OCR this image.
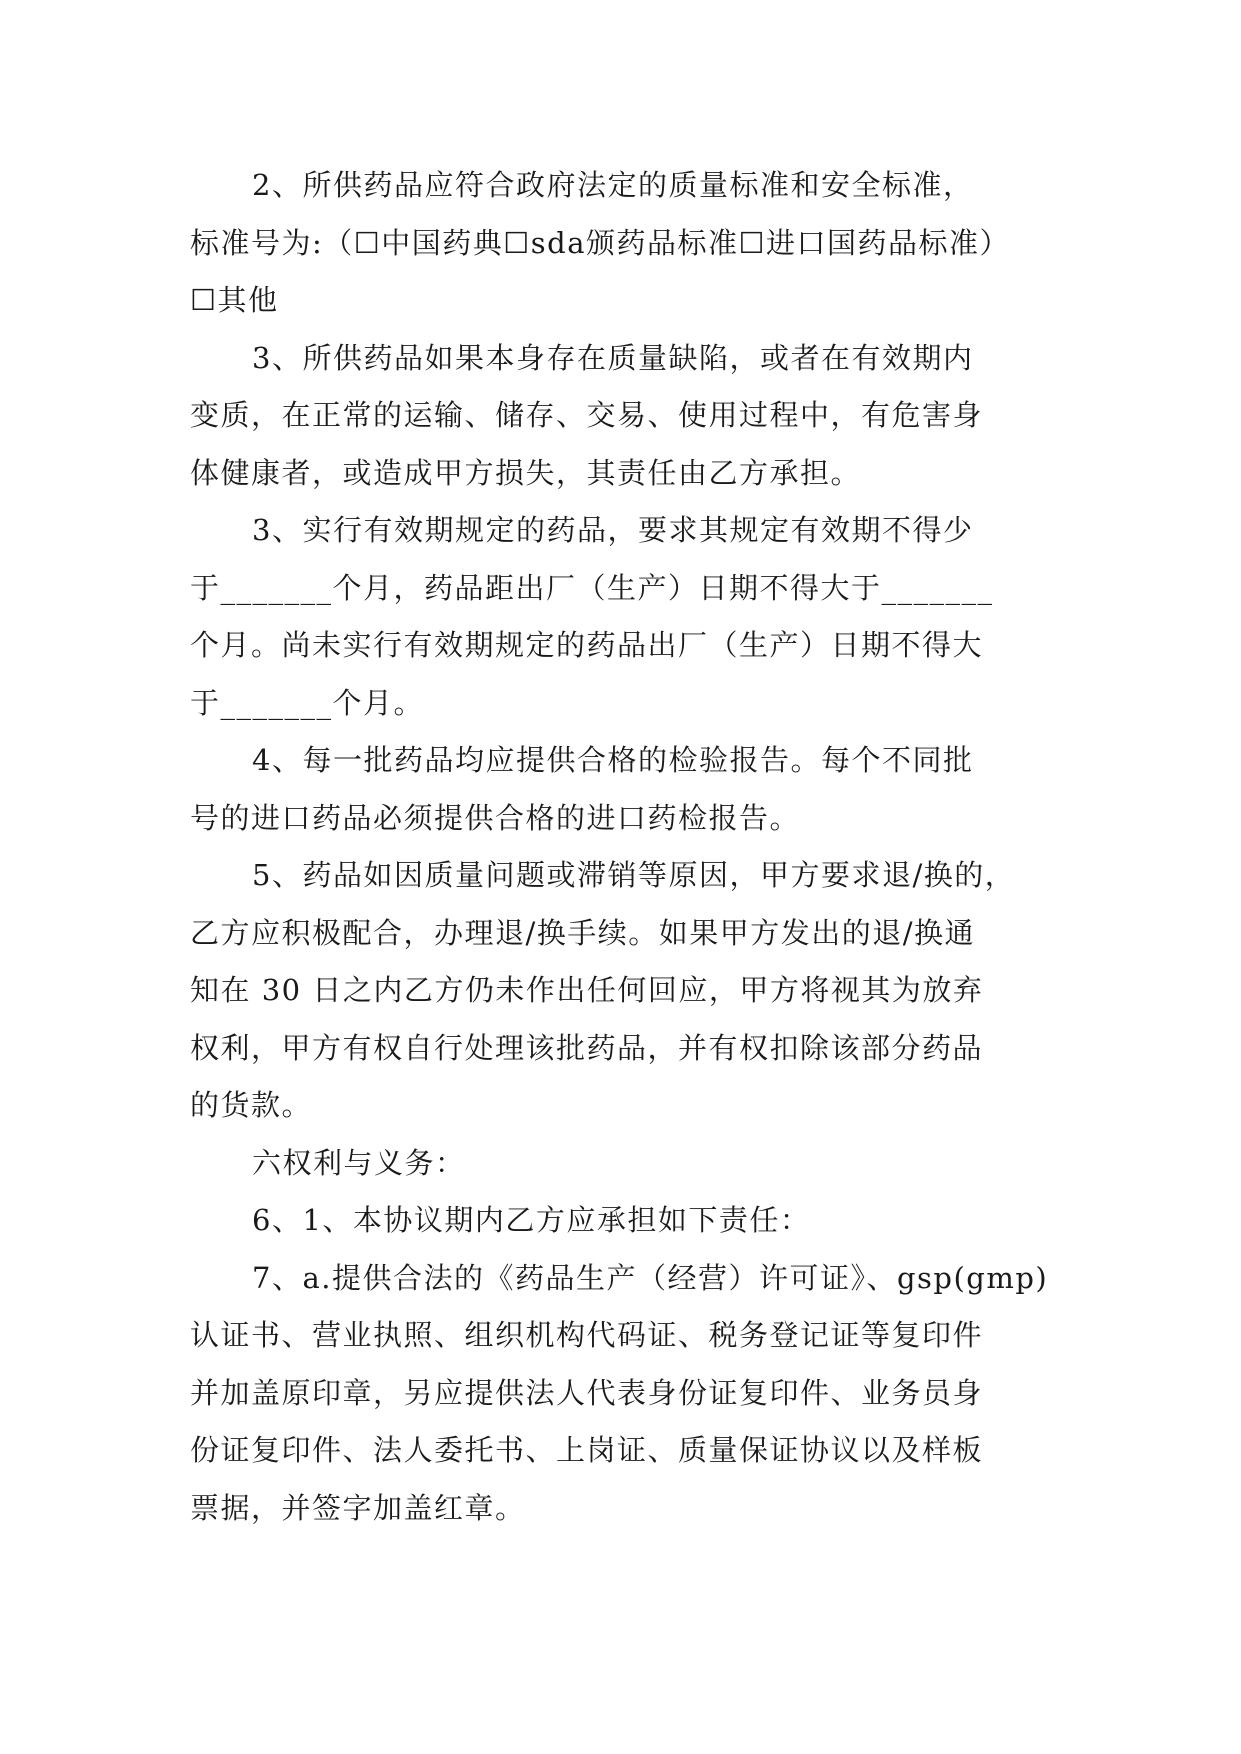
2、所供药品应符合政府法定的质量标准和安全标准，
标准号为:（☐中国药典☐sda颁药品标准☐进口国药品标准）
☐其他

3、所供药品如果本身存在质量缺陷，或者在有效期内
变质，在正常的运输、储存、交易、使用过程中，有危害身
体健康者，或造成甲方损失，其责任由乙方承担。

3、实行有效期规定的药品，要求其规定有效期不得少
于_______个月，药品距出厂（生产）日期不得大于_______
个月。尚未实行有效期规定的药品出厂（生产）日期不得大
于_______个月。

4、每一批药品均应提供合格的检验报告。每个不同批
号的进口药品必须提供合格的进口药检报告。

5、药品如因质量问题或滞销等原因，甲方要求退/换的，
乙方应积极配合，办理退/换手续。如果甲方发出的退/换通
知在 30 日之内乙方仍未作出任何回应，甲方将视其为放弃
权利，甲方有权自行处理该批药品，并有权扣除该部分药品
的货款。

六权利与义务：

6、1、本协议期内乙方应承担如下责任：

7、a.提供合法的《药品生产（经营）许可证》、gsp(gmp)
认证书、营业执照、组织机构代码证、税务登记证等复印件
并加盖原印章，另应提供法人代表身份证复印件、业务员身
份证复印件、法人委托书、上岗证、质量保证协议以及样板
票据，并签字加盖红章。
